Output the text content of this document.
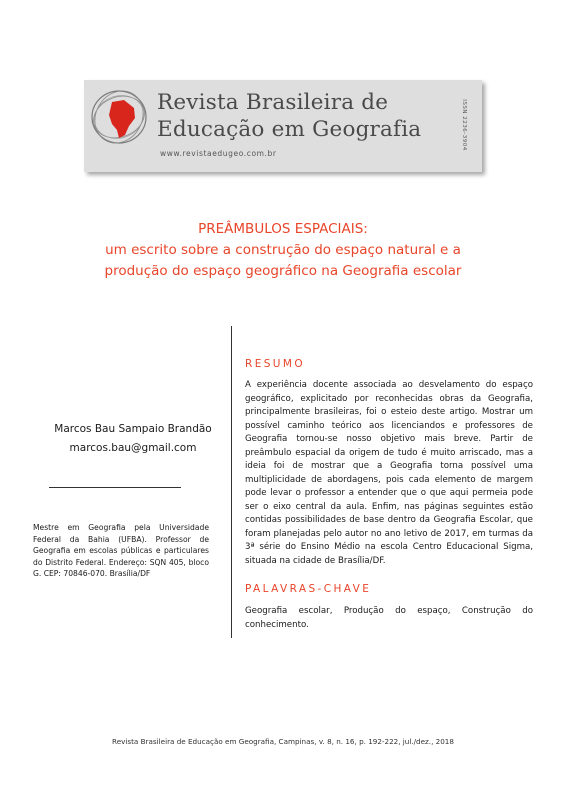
Revista Brasileira de
Educação em Geografia
www.revistaedugeo.com.br
ISSN 2236-3904
PREÂMBULOS ESPACIAIS:
um escrito sobre a construção do espaço natural e a
produção do espaço geográfico na Geografia escolar
Marcos Bau Sampaio Brandão
marcos.bau@gmail.com
Mestre em Geografia pela Universidade Federal da Bahia (UFBA). Professor de Geografia em escolas públicas e particulares do Distrito Federal. Endereço: SQN 405, bloco G. CEP: 70846-070. Brasília/DF
RESUMO
A experiência docente associada ao desvelamento do espaço geográfico, explicitado por reconhecidas obras da Geografia, principalmente brasileiras, foi o esteio deste artigo. Mostrar um possível caminho teórico aos licenciandos e professores de Geografia tornou-se nosso objetivo mais breve. Partir de preâmbulo espacial da origem de tudo é muito arriscado, mas a ideia foi de mostrar que a Geografia torna possível uma multiplicidade de abordagens, pois cada elemento de margem pode levar o professor a entender que o que aqui permeia pode ser o eixo central da aula. Enfim, nas páginas seguintes estão contidas possibilidades de base dentro da Geografia Escolar, que foram planejadas pelo autor no ano letivo de 2017, em turmas da 3ª série do Ensino Médio na escola Centro Educacional Sigma, situada na cidade de Brasília/DF.
PALAVRAS-CHAVE
Geografia escolar, Produção do espaço, Construção do conhecimento.
Revista Brasileira de Educação em Geografia, Campinas, v. 8, n. 16, p. 192-222, jul./dez., 2018
